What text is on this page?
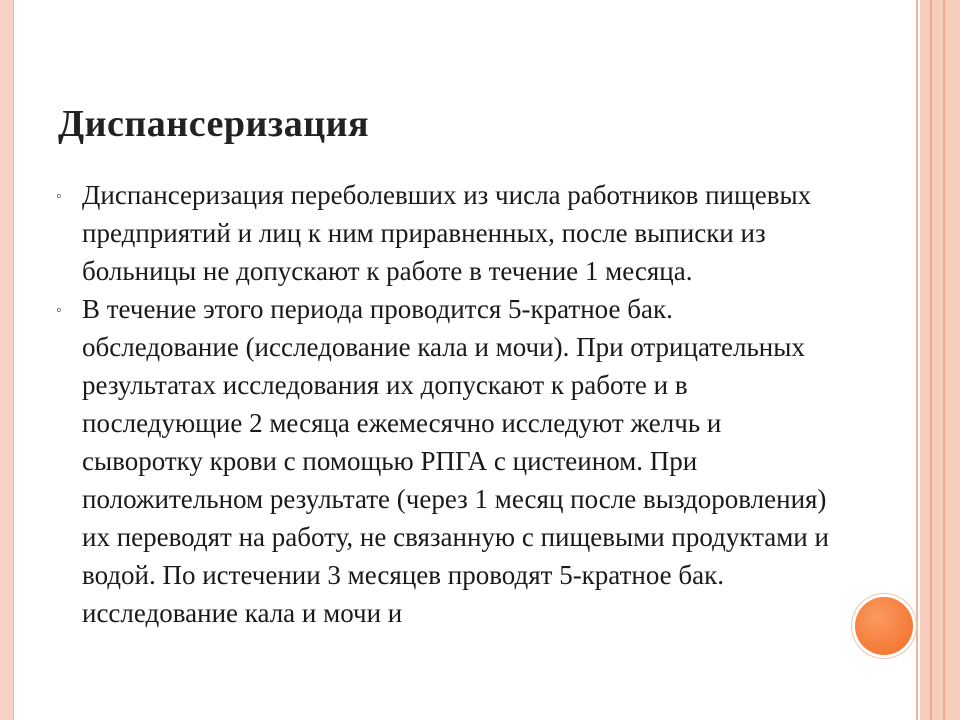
Диспансеризация
◦ Диспансеризация переболевших из числа работников пищевых предприятий и лиц к ним приравненных, после выписки из больницы не допускают к работе в течение 1 месяца.
◦ В течение этого периода проводится 5-кратное бак. обследование (исследование кала и мочи). При отрицательных результатах исследования их допускают к работе и в последующие 2 месяца ежемесячно исследуют желчь и сыворотку крови с помощью РПГА с цистеином. При положительном результате (через 1 месяц после выздоровления) их переводят на работу, не связанную с пищевыми продуктами и водой. По истечении 3 месяцев проводят 5-кратное бак. исследование кала и мочи и
